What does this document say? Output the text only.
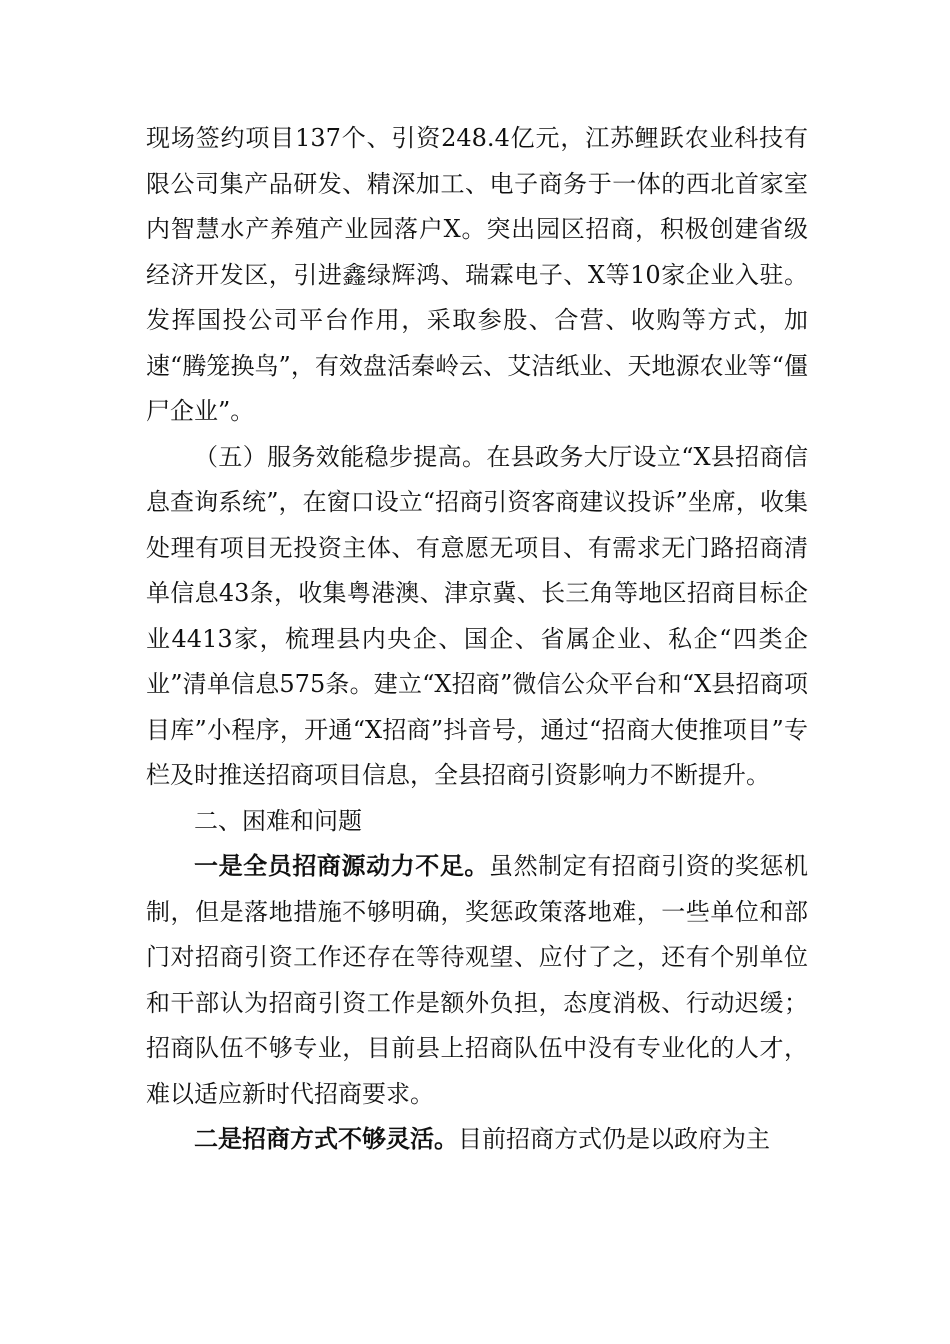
现场签约项目137个、引资248.4亿元，江苏鲤跃农业科技有限公司集产品研发、精深加工、电子商务于一体的西北首家室内智慧水产养殖产业园落户X。突出园区招商，积极创建省级经济开发区，引进鑫绿辉鸿、瑞霖电子、X等10家企业入驻。发挥国投公司平台作用，采取参股、合营、收购等方式，加速“腾笼换鸟”，有效盘活秦岭云、艾洁纸业、天地源农业等“僵尸企业”。

（五）服务效能稳步提高。在县政务大厅设立“X县招商信息查询系统”，在窗口设立“招商引资客商建议投诉”坐席，收集处理有项目无投资主体、有意愿无项目、有需求无门路招商清单信息43条，收集粤港澳、津京冀、长三角等地区招商目标企业4413家，梳理县内央企、国企、省属企业、私企“四类企业”清单信息575条。建立“X招商”微信公众平台和“X县招商项目库”小程序，开通“X招商”抖音号，通过“招商大使推项目”专栏及时推送招商项目信息，全县招商引资影响力不断提升。

二、困难和问题

一是全员招商源动力不足。虽然制定有招商引资的奖惩机制，但是落地措施不够明确，奖惩政策落地难，一些单位和部门对招商引资工作还存在等待观望、应付了之，还有个别单位和干部认为招商引资工作是额外负担，态度消极、行动迟缓；招商队伍不够专业，目前县上招商队伍中没有专业化的人才，难以适应新时代招商要求。

二是招商方式不够灵活。目前招商方式仍是以政府为主
